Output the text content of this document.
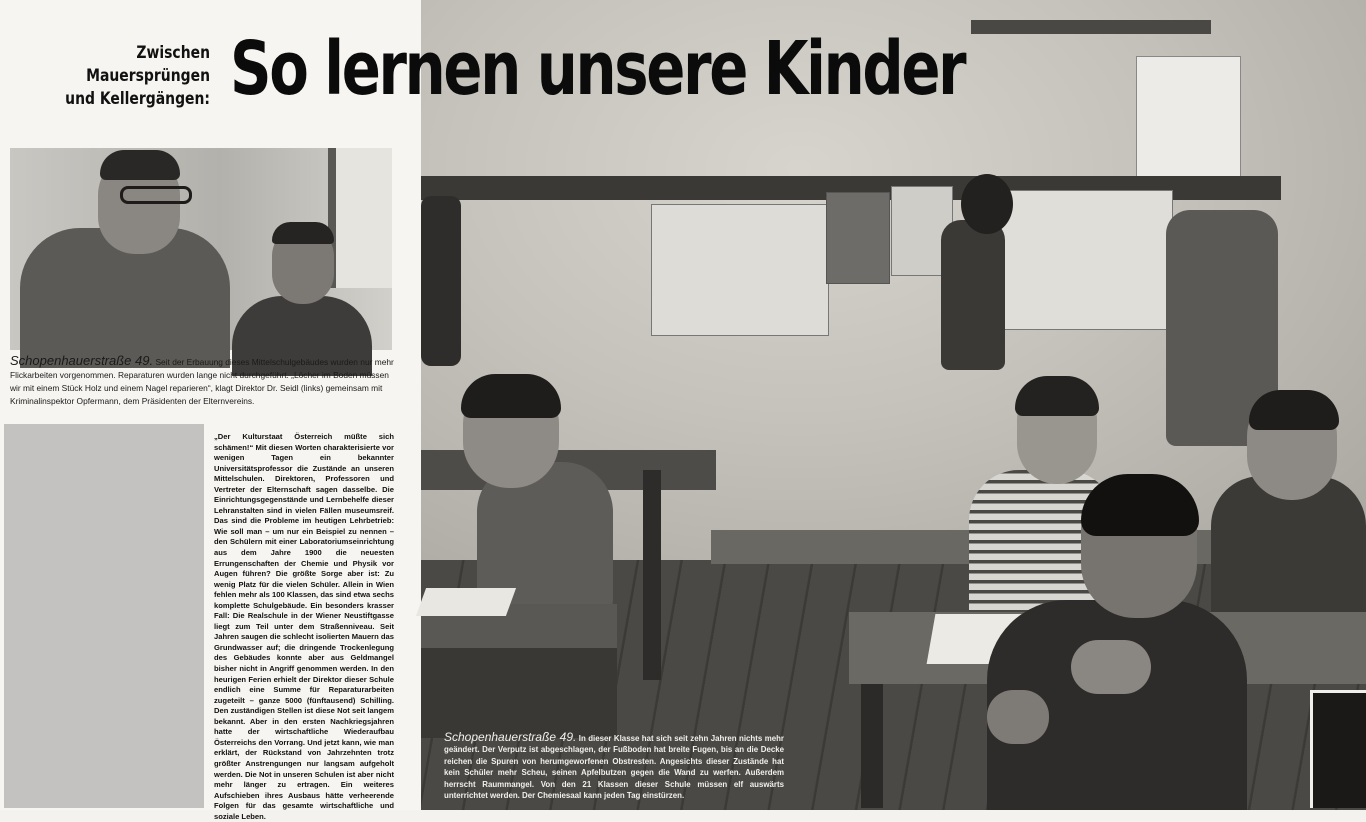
Zwischen Mauersprüngen
und Kellergängen:
Schopenhauerstraße 49. Seit der Erbauung dieses Mittelschulgebäudes wurden nur mehr Flickarbeiten vorgenommen. Reparaturen wurden lange nicht durchgeführt. „Löcher im Boden müssen wir mit einem Stück Holz und einem Nagel reparieren“, klagt Direktor Dr. Seidl (links) gemeinsam mit Kriminalinspektor Opfermann, dem Präsidenten der Elternvereins.
„Der Kulturstaat Österreich müßte sich schämen!“ Mit diesen Worten charakterisierte vor wenigen Tagen ein bekannter Universitätsprofessor die Zustände an unseren Mittelschulen. Direktoren, Professoren und Vertreter der Elternschaft sagen dasselbe. Die Einrichtungsgegenstände und Lernbehelfe dieser Lehranstalten sind in vielen Fällen museumsreif. Das sind die Probleme im heutigen Lehrbetrieb: Wie soll man – um nur ein Beispiel zu nennen – den Schülern mit einer Laboratoriumseinrichtung aus dem Jahre 1900 die neuesten Errungenschaften der Chemie und Physik vor Augen führen? Die größte Sorge aber ist: Zu wenig Platz für die vielen Schüler. Allein in Wien fehlen mehr als 100 Klassen, das sind etwa sechs komplette Schulgebäude. Ein besonders krasser Fall: Die Realschule in der Wiener Neustiftgasse liegt zum Teil unter dem Straßenniveau. Seit Jahren saugen die schlecht isolierten Mauern das Grundwasser auf; die dringende Trockenlegung des Gebäudes konnte aber aus Geldmangel bisher nicht in Angriff genommen werden. In den heurigen Ferien erhielt der Direktor dieser Schule endlich eine Summe für Reparaturarbeiten zugeteilt – ganze 5000 (fünftausend) Schilling. Den zuständigen Stellen ist diese Not seit langem bekannt. Aber in den ersten Nachkriegsjahren hatte der wirtschaftliche Wiederaufbau Österreichs den Vorrang. Und jetzt kann, wie man erklärt, der Rückstand von Jahrzehnten trotz größter Anstrengungen nur langsam aufgeholt werden. Die Not in unseren Schulen ist aber nicht mehr länger zu ertragen. Ein weiteres Aufschieben ihres Ausbaus hätte verheerende Folgen für das gesamte wirtschaftliche und soziale Leben.
Schopenhauerstraße 49. In dieser Klasse hat sich seit zehn Jahren nichts mehr geändert. Der Verputz ist abgeschlagen, der Fußboden hat breite Fugen, bis an die Decke reichen die Spuren von herumgeworfenen Obstresten. Angesichts dieser Zustände hat kein Schüler mehr Scheu, seinen Apfelbutzen gegen die Wand zu werfen. Außerdem herrscht Raummangel. Von den 21 Klassen dieser Schule müssen elf auswärts unterrichtet werden. Der Chemiesaal kann jeden Tag einstürzen.
So lernen unsere Kinder
